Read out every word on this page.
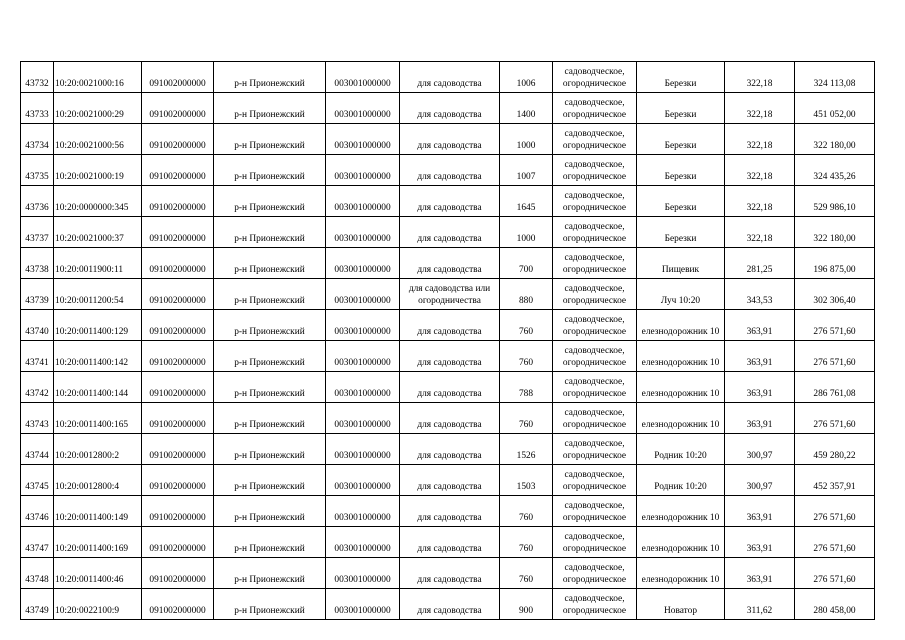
43732	10:20:0021000:16	091002000000	р-н Прионежский	003001000000	для садоводства	1006	садоводческое,
огородническое	Березки	322,18	324 113,08
43733	10:20:0021000:29	091002000000	р-н Прионежский	003001000000	для садоводства	1400	садоводческое,
огородническое	Березки	322,18	451 052,00
43734	10:20:0021000:56	091002000000	р-н Прионежский	003001000000	для садоводства	1000	садоводческое,
огородническое	Березки	322,18	322 180,00
43735	10:20:0021000:19	091002000000	р-н Прионежский	003001000000	для садоводства	1007	садоводческое,
огородническое	Березки	322,18	324 435,26
43736	10:20:0000000:345	091002000000	р-н Прионежский	003001000000	для садоводства	1645	садоводческое,
огородническое	Березки	322,18	529 986,10
43737	10:20:0021000:37	091002000000	р-н Прионежский	003001000000	для садоводства	1000	садоводческое,
огородническое	Березки	322,18	322 180,00
43738	10:20:0011900:11	091002000000	р-н Прионежский	003001000000	для садоводства	700	садоводческое,
огородническое	Пищевик	281,25	196 875,00
43739	10:20:0011200:54	091002000000	р-н Прионежский	003001000000	для садоводства или
огородничества	880	садоводческое,
огородническое	Луч 10:20	343,53	302 306,40
43740	10:20:0011400:129	091002000000	р-н Прионежский	003001000000	для садоводства	760	садоводческое,
огородническое	елезнодорожник 10	363,91	276 571,60
43741	10:20:0011400:142	091002000000	р-н Прионежский	003001000000	для садоводства	760	садоводческое,
огородническое	елезнодорожник 10	363,91	276 571,60
43742	10:20:0011400:144	091002000000	р-н Прионежский	003001000000	для садоводства	788	садоводческое,
огородническое	елезнодорожник 10	363,91	286 761,08
43743	10:20:0011400:165	091002000000	р-н Прионежский	003001000000	для садоводства	760	садоводческое,
огородническое	елезнодорожник 10	363,91	276 571,60
43744	10:20:0012800:2	091002000000	р-н Прионежский	003001000000	для садоводства	1526	садоводческое,
огородническое	Родник 10:20	300,97	459 280,22
43745	10:20:0012800:4	091002000000	р-н Прионежский	003001000000	для садоводства	1503	садоводческое,
огородническое	Родник 10:20	300,97	452 357,91
43746	10:20:0011400:149	091002000000	р-н Прионежский	003001000000	для садоводства	760	садоводческое,
огородническое	елезнодорожник 10	363,91	276 571,60
43747	10:20:0011400:169	091002000000	р-н Прионежский	003001000000	для садоводства	760	садоводческое,
огородническое	елезнодорожник 10	363,91	276 571,60
43748	10:20:0011400:46	091002000000	р-н Прионежский	003001000000	для садоводства	760	садоводческое,
огородническое	елезнодорожник 10	363,91	276 571,60
43749	10:20:0022100:9	091002000000	р-н Прионежский	003001000000	для садоводства	900	садоводческое,
огородническое	Новатор	311,62	280 458,00
